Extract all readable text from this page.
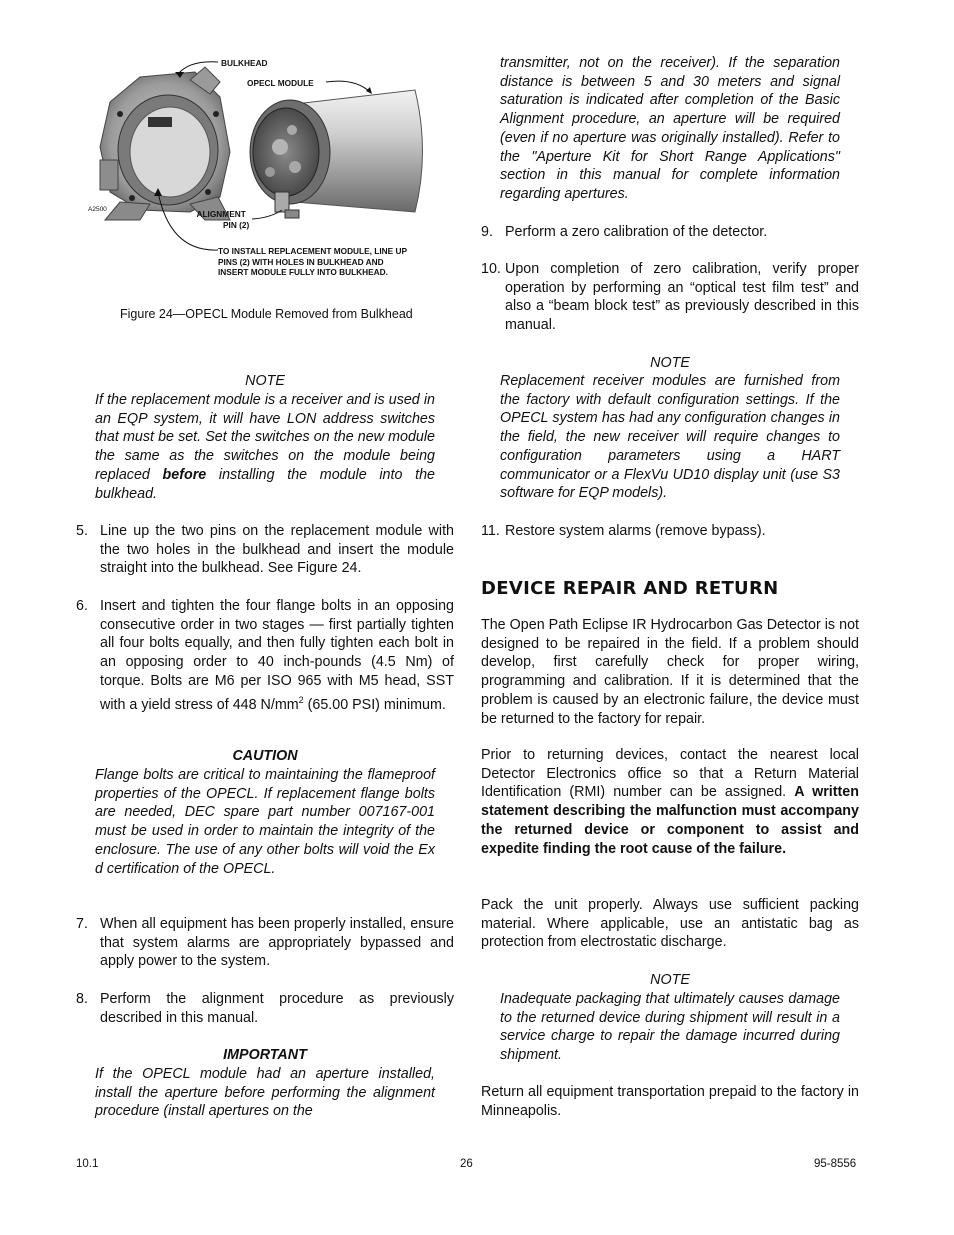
BULKHEAD
OPECL MODULE
ALIGNMENT
PIN (2)
TO INSTALL REPLACEMENT MODULE, LINE UP
PINS (2) WITH HOLES IN BULKHEAD AND
INSERT MODULE FULLY INTO BULKHEAD.
A2500
Figure 24—OPECL Module Removed from Bulkhead
NOTE

If the replacement module is a receiver and is used in an EQP system, it will have LON address switches that must be set. Set the switches on the new module the same as the switches on the module being replaced before installing the module into the bulkhead.

5. Line up the two pins on the replacement module with the two holes in the bulkhead and insert the module straight into the bulkhead. See Figure 24.

6. Insert and tighten the four flange bolts in an opposing consecutive order in two stages — first partially tighten all four bolts equally, and then fully tighten each bolt in an opposing order to 40 inch-pounds (4.5 Nm) of torque. Bolts are M6 per ISO 965 with M5 head, SST with a yield stress of 448 $N/mm^2$ (65.00 PSI) minimum.

CAUTION

Flange bolts are critical to maintaining the flameproof properties of the OPECL. If replacement flange bolts are needed, DEC spare part number 007167-001 must be used in order to maintain the integrity of the enclosure. The use of any other bolts will void the Ex d certification of the OPECL.

7. When all equipment has been properly installed, ensure that system alarms are appropriately bypassed and apply power to the system.

8. Perform the alignment procedure as previously described in this manual.

IMPORTANT

If the OPECL module had an aperture installed, install the aperture before performing the alignment procedure (install apertures on the

transmitter, not on the receiver). If the separation distance is between 5 and 30 meters and signal saturation is indicated after completion of the Basic Alignment procedure, an aperture will be required (even if no aperture was originally installed). Refer to the "Aperture Kit for Short Range Applications" section in this manual for complete information regarding apertures.

9. Perform a zero calibration of the detector.

10. Upon completion of zero calibration, verify proper operation by performing an “optical test film test” and also a “beam block test” as previously described in this manual.

NOTE

Replacement receiver modules are furnished from the factory with default configuration settings. If the OPECL system has had any configuration changes in the field, the new receiver will require changes to configuration parameters using a HART communicator or a FlexVu UD10 display unit (use S3 software for EQP models).

11. Restore system alarms (remove bypass).

DEVICE REPAIR AND RETURN

The Open Path Eclipse IR Hydrocarbon Gas Detector is not designed to be repaired in the field. If a problem should develop, first carefully check for proper wiring, programming and calibration. If it is determined that the problem is caused by an electronic failure, the device must be returned to the factory for repair.

Prior to returning devices, contact the nearest local Detector Electronics office so that a Return Material Identification (RMI) number can be assigned. A written statement describing the malfunction must accompany the returned device or component to assist and expedite finding the root cause of the failure.

Pack the unit properly. Always use sufficient packing material. Where applicable, use an antistatic bag as protection from electrostatic discharge.

NOTE

Inadequate packaging that ultimately causes damage to the returned device during shipment will result in a service charge to repair the damage incurred during shipment.

Return all equipment transportation prepaid to the factory in Minneapolis.

10.1	26	95-8556
